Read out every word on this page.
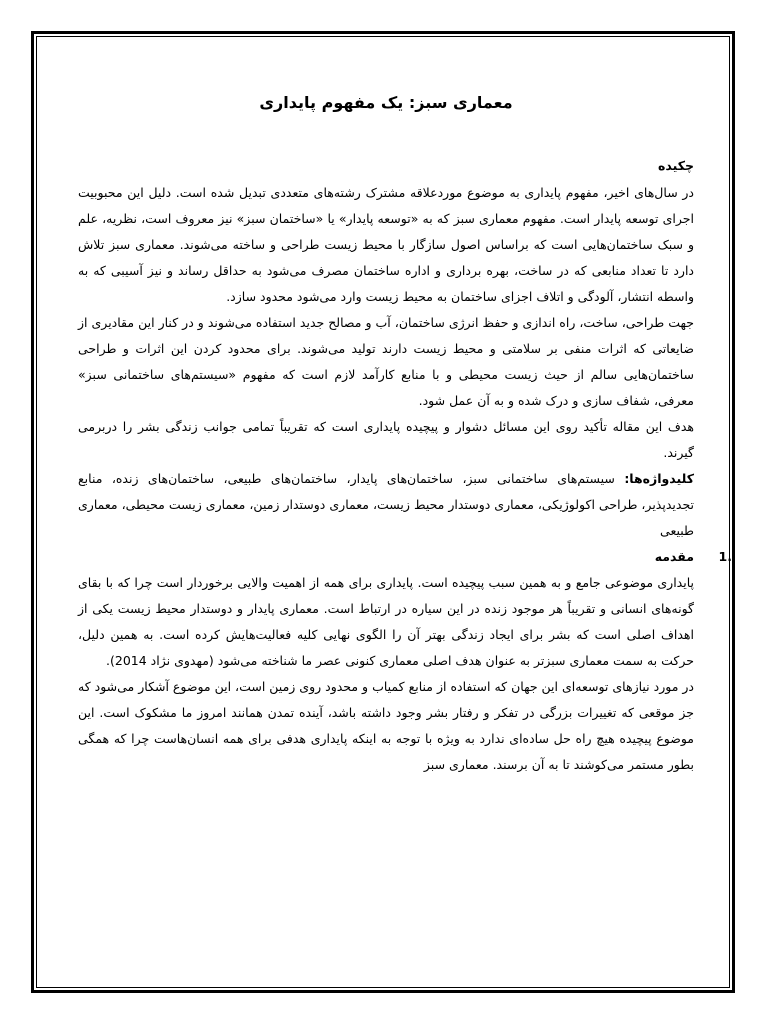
معماری سبز: یک مفهوم پایداری
چکیده

در سال‌های اخیر، مفهوم پایداری به موضوع موردعلاقه مشترک رشته‌های متعددی تبدیل شده است. دلیل این محبوبیت اجرای توسعه پایدار است. مفهوم معماری سبز که به «توسعه پایدار» یا «ساختمان سبز» نیز معروف است، نظریه، علم و سبک ساختمان‌هایی است که براساس اصول سازگار با محیط زیست طراحی و ساخته می‌شوند. معماری سبز تلاش دارد تا تعداد منابعی که در ساخت، بهره برداری و اداره ساختمان مصرف می‌شود به حداقل رساند و نیز آسیبی که به واسطه انتشار، آلودگی و اتلاف اجزای ساختمان به محیط زیست وارد می‌شود محدود سازد.

جهت طراحی، ساخت، راه اندازی و حفظ انرژی ساختمان، آب و مصالح جدید استفاده می‌شوند و در کنار این مقادیری از ضایعاتی که اثرات منفی بر سلامتی و محیط زیست دارند تولید می‌شوند. برای محدود کردن این اثرات و طراحی ساختمان‌هایی سالم از حیث زیست محیطی و با منابع کارآمد لازم است که مفهوم «سیستم‌های ساختمانی سبز» معرفی، شفاف سازی و درک شده و به آن عمل شود.

هدف این مقاله تأکید روی این مسائل دشوار و پیچیده پایداری است که تقریباً تمامی جوانب زندگی بشر را دربرمی گیرند.

کلیدواژه‌ها: سیستم‌های ساختمانی سبز، ساختمان‌های پایدار، ساختمان‌های طبیعی، ساختمان‌های زنده، منابع تجدیدپذیر، طراحی اکولوژیکی، معماری دوستدار محیط زیست، معماری دوستدار زمین، معماری زیست محیطی، معماری طبیعی

1.
مقدمه

پایداری موضوعی جامع و به همین سبب پیچیده است. پایداری برای همه از اهمیت والایی برخوردار است چرا که با بقای گونه‌های انسانی و تقریباً هر موجود زنده در این سیاره در ارتباط است. معماری پایدار و دوستدار محیط زیست یکی از اهداف اصلی است که بشر برای ایجاد زندگی بهتر آن را الگوی نهایی کلیه فعالیت‌هایش کرده است. به همین دلیل، حرکت به سمت معماری سبزتر به عنوان هدف اصلی معماری کنونی عصر ما شناخته می‌شود (مهدوی نژاد 2014).

در مورد نیازهای توسعه‌ای این جهان که استفاده از منابع کمیاب و محدود روی زمین است، این موضوع آشکار می‌شود که جز موقعی که تغییرات بزرگی در تفکر و رفتار بشر وجود داشته باشد، آینده تمدن همانند امروز ما مشکوک است. این موضوع پیچیده هیچ راه حل ساده‌ای ندارد به ویژه با توجه به اینکه پایداری هدفی برای همه انسان‌هاست چرا که همگی بطور مستمر می‌کوشند تا به آن برسند. معماری سبز
